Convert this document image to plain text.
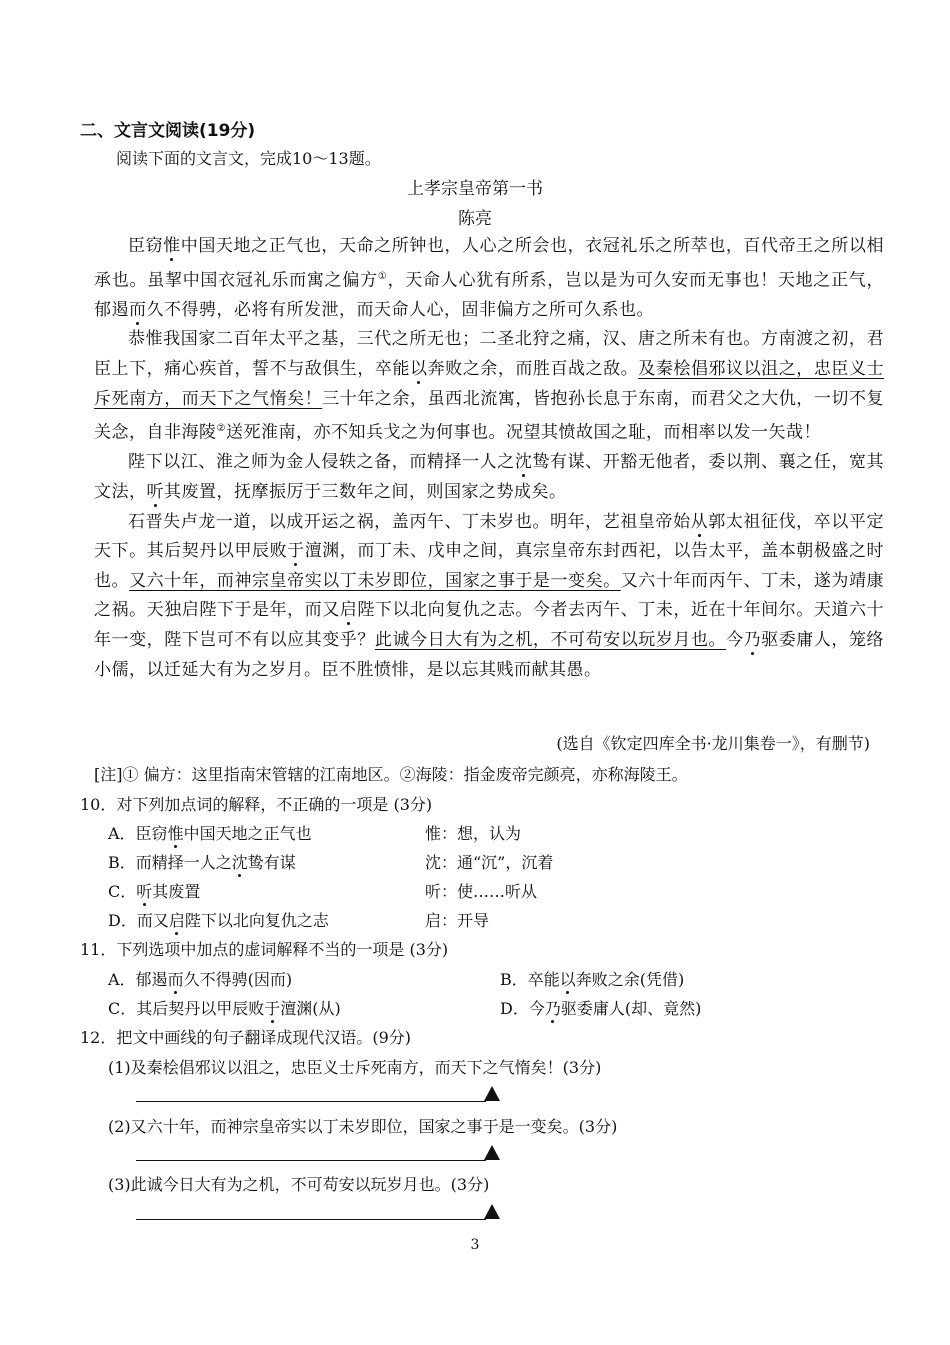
二、文言文阅读(19分)
阅读下面的文言文，完成10～13题。
上孝宗皇帝第一书
陈亮

臣窃惟中国天地之正气也，天命之所钟也，人心之所会也，衣冠礼乐之所萃也，百代帝王之所以相承也。虽挈中国衣冠礼乐而寓之偏方①，天命人心犹有所系，岂以是为可久安而无事也！天地之正气，郁遏而久不得骋，必将有所发泄，而天命人心，固非偏方之所可久系也。

恭惟我国家二百年太平之基，三代之所无也；二圣北狩之痛，汉、唐之所未有也。方南渡之初，君臣上下，痛心疾首，誓不与敌俱生，卒能以奔败之余，而胜百战之敌。及秦桧倡邪议以沮之，忠臣义士斥死南方，而天下之气惰矣！三十年之余，虽西北流寓，皆抱孙长息于东南，而君父之大仇，一切不复关念，自非海陵②送死淮南，亦不知兵戈之为何事也。况望其愤故国之耻，而相率以发一矢哉！

陛下以江、淮之师为金人侵轶之备，而精择一人之沈鸷有谋、开豁无他者，委以荆、襄之任，宽其文法，听其废置，抚摩振厉于三数年之间，则国家之势成矣。

石晋失卢龙一道，以成开运之祸，盖丙午、丁未岁也。明年，艺祖皇帝始从郭太祖征伐，卒以平定天下。其后契丹以甲辰败于澶渊，而丁未、戊申之间，真宗皇帝东封西祀，以告太平，盖本朝极盛之时也。又六十年，而神宗皇帝实以丁未岁即位，国家之事于是一变矣。又六十年而丙午、丁未，遂为靖康之祸。天独启陛下于是年，而又启陛下以北向复仇之志。今者去丙午、丁未，近在十年间尔。天道六十年一变，陛下岂可不有以应其变乎？此诚今日大有为之机，不可苟安以玩岁月也。今乃驱委庸人，笼络小儒，以迁延大有为之岁月。臣不胜愤悱，是以忘其贱而献其愚。

(选自《钦定四库全书·龙川集卷一》，有删节)
[注]① 偏方：这里指南宋管辖的江南地区。②海陵：指金废帝完颜亮，亦称海陵王。
10．对下列加点词的解释，不正确的一项是 (3分)
A．臣窃惟中国天地之正气也	惟：想，认为
B．而精择一人之沈鸷有谋	沈：通“沉”，沉着
C．听其废置	听：使……听从
D．而又启陛下以北向复仇之志	启：开导
11．下列选项中加点的虚词解释不当的一项是 (3分)
A．郁遏而久不得骋(因而)	B．卒能以奔败之余(凭借)
C．其后契丹以甲辰败于澶渊(从)	D．今乃驱委庸人(却、竟然)
12．把文中画线的句子翻译成现代汉语。(9分)
(1)及秦桧倡邪议以沮之，忠臣义士斥死南方，而天下之气惰矣！(3分)
(2)又六十年，而神宗皇帝实以丁未岁即位，国家之事于是一变矣。(3分)
(3)此诚今日大有为之机，不可苟安以玩岁月也。(3分)
3
